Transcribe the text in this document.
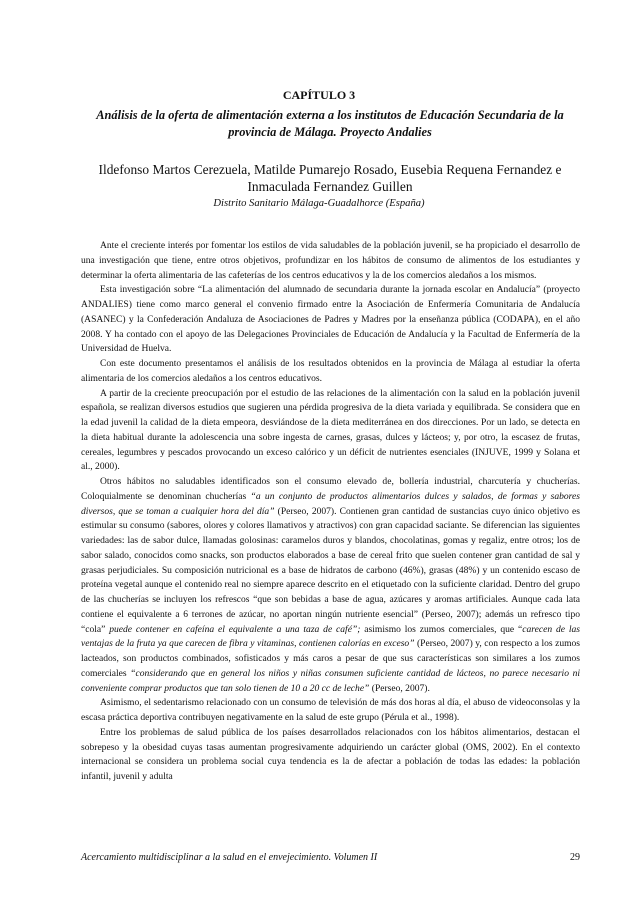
CAPÍTULO 3
Análisis de la oferta de alimentación externa a los institutos de Educación Secundaria de la provincia de Málaga. Proyecto Andalies
Ildefonso Martos Cerezuela, Matilde Pumarejo Rosado, Eusebia Requena Fernandez e Inmaculada Fernandez Guillen
Distrito Sanitario Málaga-Guadalhorce (España)

Ante el creciente interés por fomentar los estilos de vida saludables de la población juvenil, se ha propiciado el desarrollo de una investigación que tiene, entre otros objetivos, profundizar en los hábitos de consumo de alimentos de los estudiantes y determinar la oferta alimentaria de las cafeterías de los centros educativos y la de los comercios aledaños a los mismos.

Esta investigación sobre “La alimentación del alumnado de secundaria durante la jornada escolar en Andalucía” (proyecto ANDALIES) tiene como marco general el convenio firmado entre la Asociación de Enfermería Comunitaria de Andalucía (ASANEC) y la Confederación Andaluza de Asociaciones de Padres y Madres por la enseñanza pública (CODAPA), en el año 2008. Y ha contado con el apoyo de las Delegaciones Provinciales de Educación de Andalucía y la Facultad de Enfermería de la Universidad de Huelva.

Con este documento presentamos el análisis de los resultados obtenidos en la provincia de Málaga al estudiar la oferta alimentaria de los comercios aledaños a los centros educativos.

A partir de la creciente preocupación por el estudio de las relaciones de la alimentación con la salud en la población juvenil española, se realizan diversos estudios que sugieren una pérdida progresiva de la dieta variada y equilibrada. Se considera que en la edad juvenil la calidad de la dieta empeora, desviándose de la dieta mediterránea en dos direcciones. Por un lado, se detecta en la dieta habitual durante la adolescencia una sobre ingesta de carnes, grasas, dulces y lácteos; y, por otro, la escasez de frutas, cereales, legumbres y pescados provocando un exceso calórico y un déficit de nutrientes esenciales (INJUVE, 1999 y Solana et al., 2000).

Otros hábitos no saludables identificados son el consumo elevado de, bollería industrial, charcutería y chucherías. Coloquialmente se denominan chucherías “a un conjunto de productos alimentarios dulces y salados, de formas y sabores diversos, que se toman a cualquier hora del día” (Perseo, 2007). Contienen gran cantidad de sustancias cuyo único objetivo es estimular su consumo (sabores, olores y colores llamativos y atractivos) con gran capacidad saciante. Se diferencian las siguientes variedades: las de sabor dulce, llamadas golosinas: caramelos duros y blandos, chocolatinas, gomas y regaliz, entre otros; los de sabor salado, conocidos como snacks, son productos elaborados a base de cereal frito que suelen contener gran cantidad de sal y grasas perjudiciales. Su composición nutricional es a base de hidratos de carbono (46%), grasas (48%) y un contenido escaso de proteína vegetal aunque el contenido real no siempre aparece descrito en el etiquetado con la suficiente claridad. Dentro del grupo de las chucherías se incluyen los refrescos “que son bebidas a base de agua, azúcares y aromas artificiales. Aunque cada lata contiene el equivalente a 6 terrones de azúcar, no aportan ningún nutriente esencial” (Perseo, 2007); además un refresco tipo “cola” puede contener en cafeína el equivalente a una taza de café”; asimismo los zumos comerciales, que “carecen de las ventajas de la fruta ya que carecen de fibra y vitaminas, contienen calorías en exceso” (Perseo, 2007) y, con respecto a los zumos lacteados, son productos combinados, sofisticados y más caros a pesar de que sus características son similares a los zumos comerciales “considerando que en general los niños y niñas consumen suficiente cantidad de lácteos, no parece necesario ni conveniente comprar productos que tan solo tienen de 10 a 20 cc de leche” (Perseo, 2007).

Asimismo, el sedentarismo relacionado con un consumo de televisión de más dos horas al día, el abuso de videoconsolas y la escasa práctica deportiva contribuyen negativamente en la salud de este grupo (Pérula et al., 1998).

Entre los problemas de salud pública de los países desarrollados relacionados con los hábitos alimentarios, destacan el sobrepeso y la obesidad cuyas tasas aumentan progresivamente adquiriendo un carácter global (OMS, 2002). En el contexto internacional se considera un problema social cuya tendencia es la de afectar a población de todas las edades: la población infantil, juvenil y adulta

Acercamiento multidisciplinar a la salud en el envejecimiento. Volumen II	29
